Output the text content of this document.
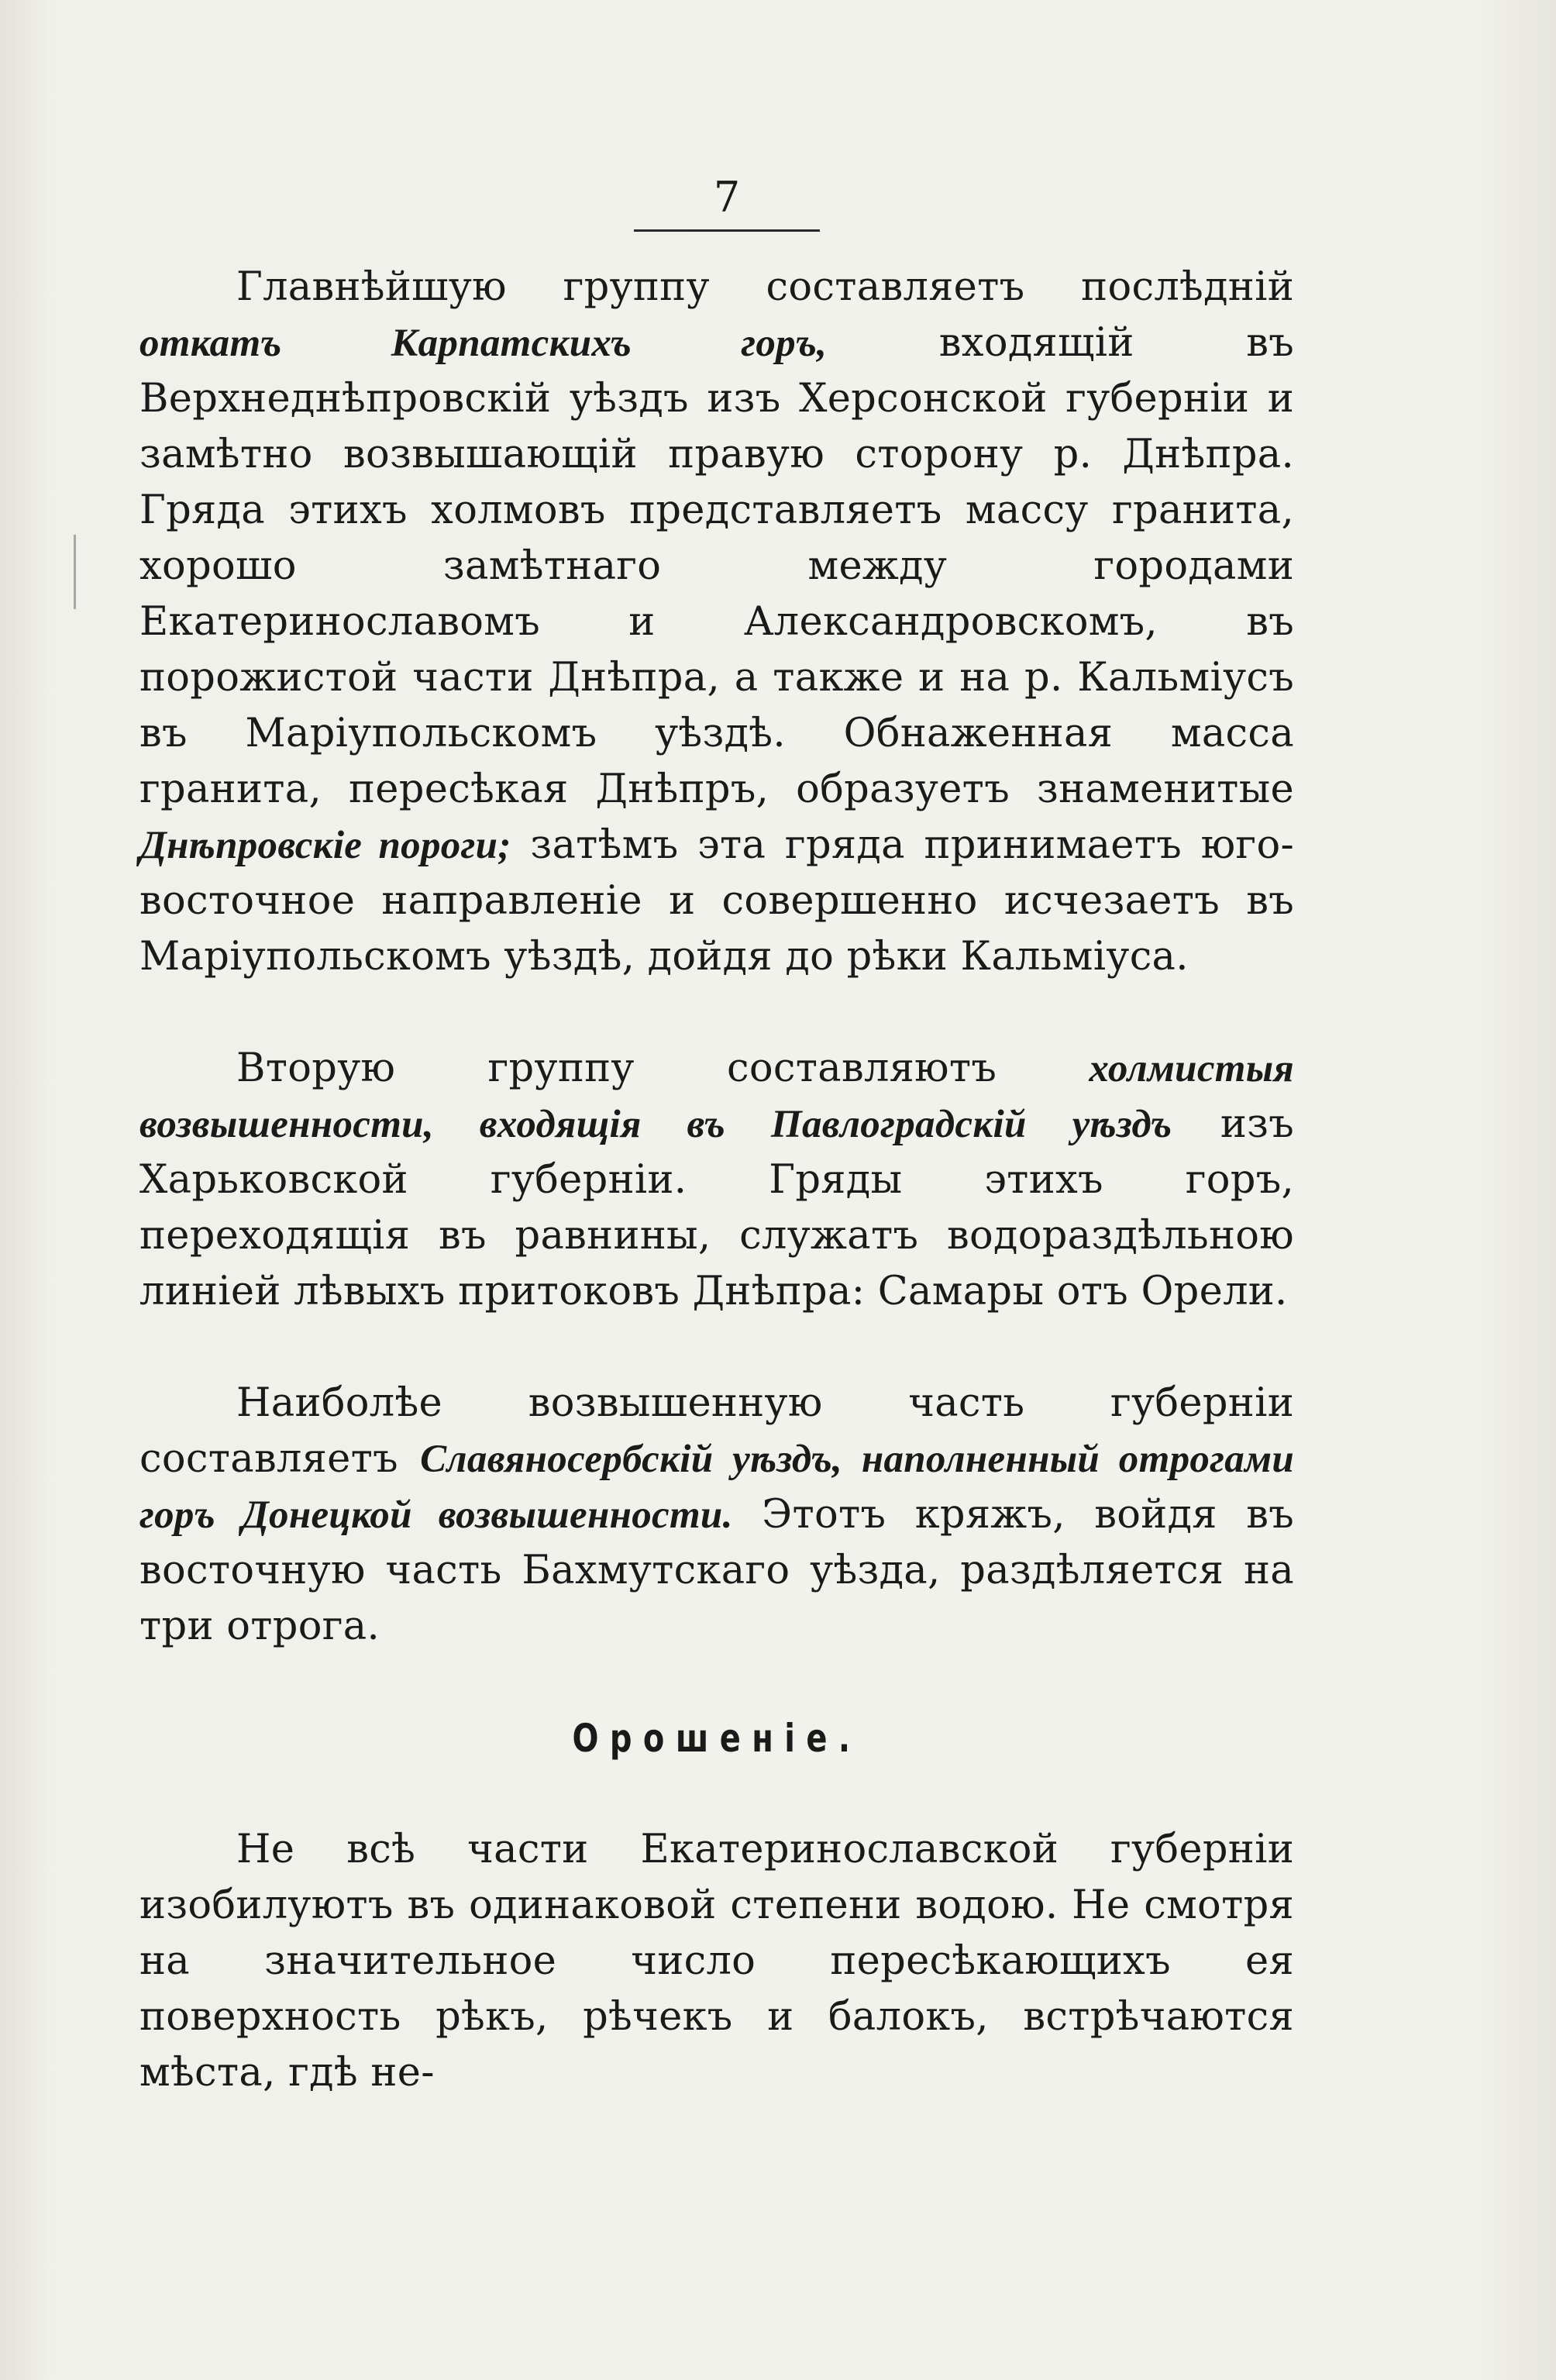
7

Главнѣйшую группу составляетъ послѣдній откатъ Карпатскихъ горъ, входящій въ Верхнеднѣпровскій уѣздъ изъ Херсонской губерніи и замѣтно возвышающій правую сторону р. Днѣпра. Гряда этихъ холмовъ представляетъ массу гранита, хорошо замѣтнаго между городами Екатеринославомъ и Александровскомъ, въ порожистой части Днѣпра, а также и на р. Кальміусъ въ Маріупольскомъ уѣздѣ. Обнаженная масса гранита, пересѣкая Днѣпръ, образуетъ знаменитые Днѣпровскіе пороги; затѣмъ эта гряда принимаетъ юго-восточное направленіе и совершенно исчезаетъ въ Маріупольскомъ уѣздѣ, дойдя до рѣки Кальміуса.

Вторую группу составляютъ холмистыя возвышенности, входящія въ Павлоградскій уѣздъ изъ Харьковской губерніи. Гряды этихъ горъ, переходящія въ равнины, служатъ водораздѣльною линіей лѣвыхъ притоковъ Днѣпра: Самары отъ Орели.

Наиболѣе возвышенную часть губерніи составляетъ Славяносербскій уѣздъ, наполненный отрогами горъ Донецкой возвышенности. Этотъ кряжъ, войдя въ восточную часть Бахмутскаго уѣзда, раздѣляется на три отрога.

Орошеніе.

Не всѣ части Екатеринославской губерніи изобилуютъ въ одинаковой степени водою. Не смотря на значительное число пересѣкающихъ ея поверхность рѣкъ, рѣчекъ и балокъ, встрѣчаются мѣста, гдѣ не-
